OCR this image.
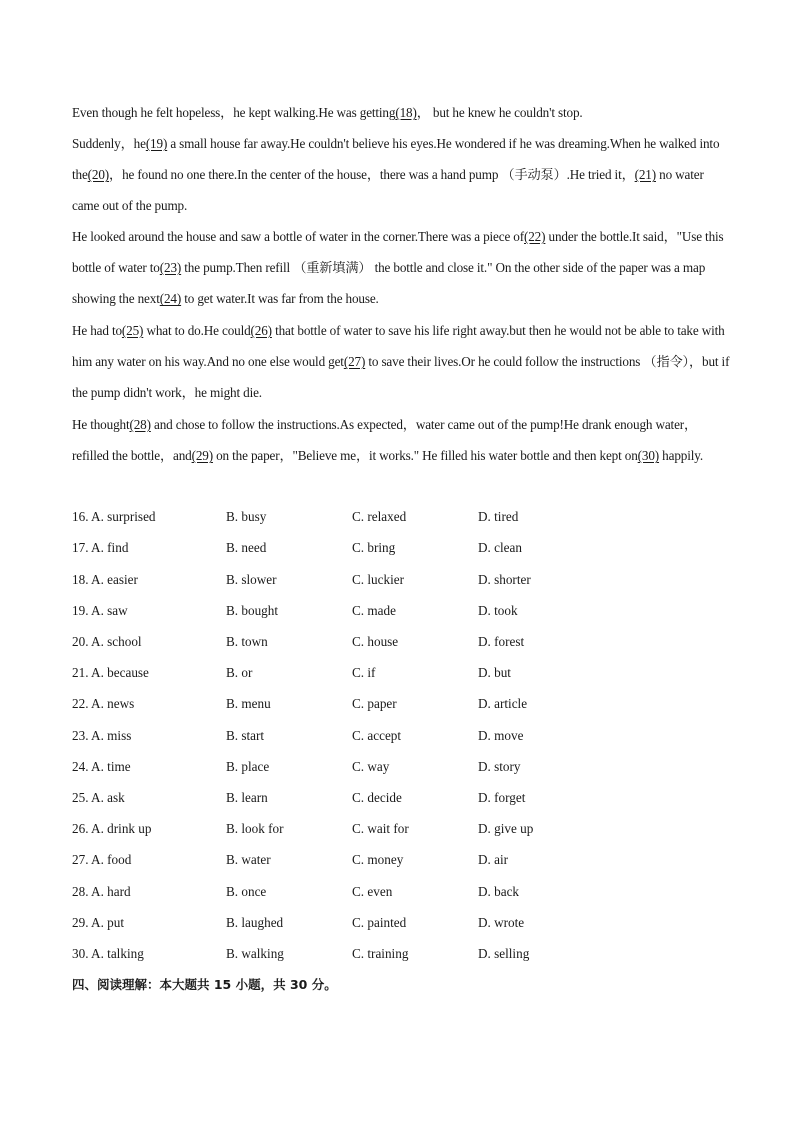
Even though he felt hopeless，he kept walking.He was getting(18)， but he knew he couldn't stop.
Suddenly，he(19) a small house far away.He couldn't believe his eyes.He wondered if he was dreaming.When he walked into the(20)，he found no one there.In the center of the house，there was a hand pump （手动泵）.He tried it，(21) no water came out of the pump.
He looked around the house and saw a bottle of water in the corner.There was a piece of(22) under the bottle.It said，"Use this bottle of water to(23) the pump.Then refill （重新填满） the bottle and close it." On the other side of the paper was a map showing the next(24) to get water.It was far from the house.
He had to(25) what to do.He could(26) that bottle of water to save his life right away.but then he would not be able to take with him any water on his way.And no one else would get(27) to save their lives.Or he could follow the instructions （指令），but if the pump didn't work，he might die.
He thought(28) and chose to follow the instructions.As expected，water came out of the pump!He drank enough water，refilled the bottle，and(29) on the paper，"Believe me，it works." He filled his water bottle and then kept on(30) happily.
16. A. surprised	B. busy	C. relaxed	D. tired
17. A. find	B. need	C. bring	D. clean
18. A. easier	B. slower	C. luckier	D. shorter
19. A. saw	B. bought	C. made	D. took
20. A. school	B. town	C. house	D. forest
21. A. because	B. or	C. if	D. but
22. A. news	B. menu	C. paper	D. article
23. A. miss	B. start	C. accept	D. move
24. A. time	B. place	C. way	D. story
25. A. ask	B. learn	C. decide	D. forget
26. A. drink up	B. look for	C. wait for	D. give up
27. A. food	B. water	C. money	D. air
28. A. hard	B. once	C. even	D. back
29. A. put	B. laughed	C. painted	D. wrote
30. A. talking	B. walking	C. training	D. selling
四、阅读理解：本大题共 15 小题，共 30 分。
